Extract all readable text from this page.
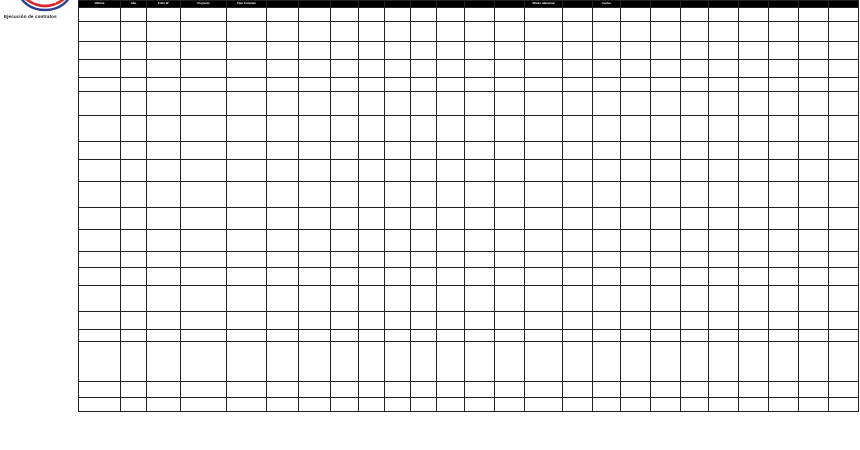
Ejecución de contratos
Oficina	Año	Folio N°	Proyecto	Tipo Contrato										Monto adicional		Fecha								
